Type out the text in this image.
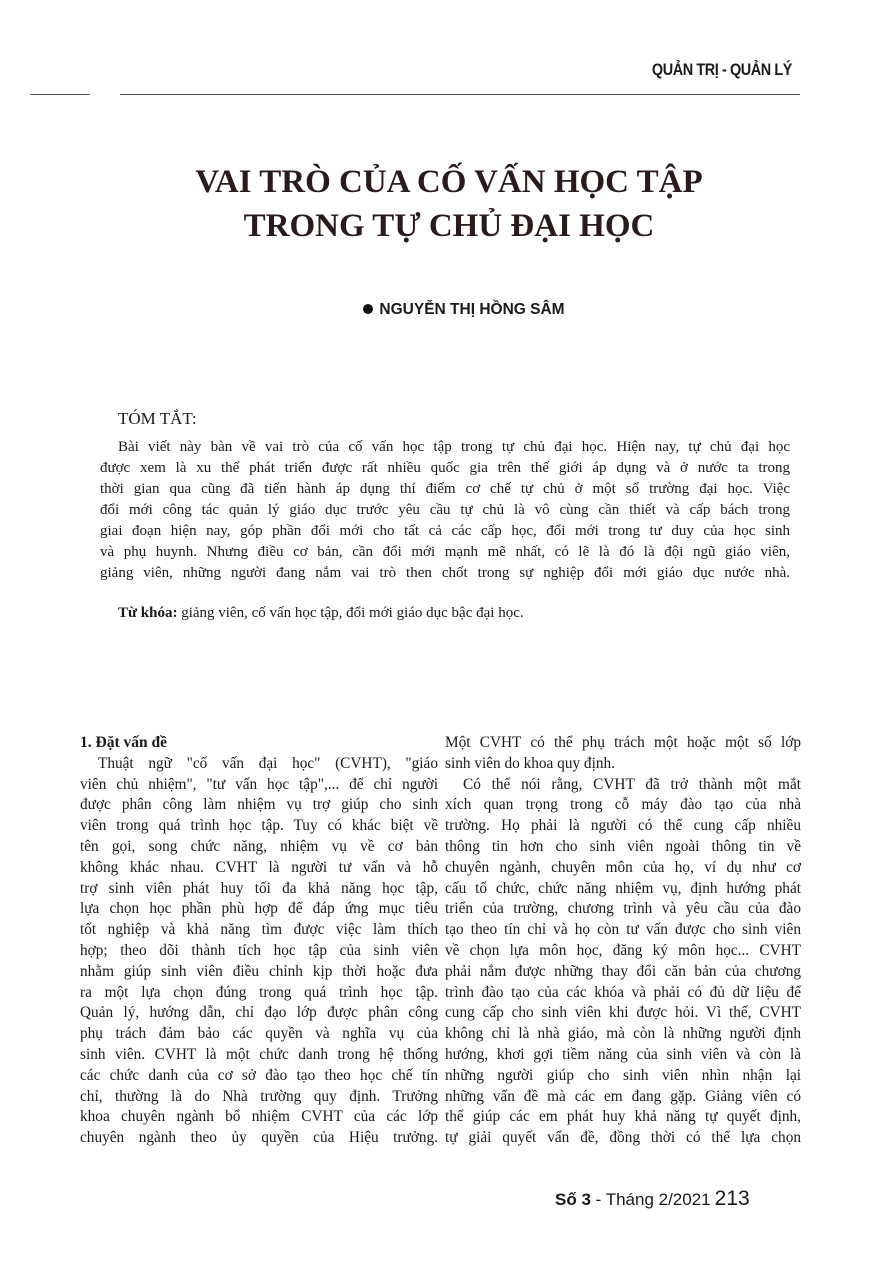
QUẢN TRỊ - QUẢN LÝ
VAI TRÒ CỦA CỐ VẤN HỌC TẬP
TRONG TỰ CHỦ ĐẠI HỌC
NGUYỄN THỊ HỒNG SÂM
TÓM TẮT:
Bài viết này bàn về vai trò của cố vấn học tập trong tự chủ đại học. Hiện nay, tự chủ đại học
được xem là xu thế phát triển được rất nhiều quốc gia trên thế giới áp dụng và ở nước ta trong
thời gian qua cũng đã tiến hành áp dụng thí điểm cơ chế tự chủ ở một số trường đại học. Việc
đổi mới công tác quản lý giáo dục trước yêu cầu tự chủ là vô cùng cần thiết và cấp bách trong
giai đoạn hiện nay, góp phần đổi mới cho tất cả các cấp học, đổi mới trong tư duy của học sinh
và phụ huynh. Nhưng điều cơ bản, cần đổi mới mạnh mẽ nhất, có lẽ là đó là đội ngũ giáo viên,
giảng viên, những người đang nắm vai trò then chốt trong sự nghiệp đổi mới giáo dục nước nhà.
Từ khóa: giảng viên, cố vấn học tập, đổi mới giáo dục bậc đại học.
1. Đặt vấn đề
Thuật ngữ "cố vấn đại học" (CVHT), "giáo
viên chủ nhiệm", "tư vấn học tập",... để chỉ người
được phân công làm nhiệm vụ trợ giúp cho sinh
viên trong quá trình học tập. Tuy có khác biệt về
tên gọi, song chức năng, nhiệm vụ về cơ bản
không khác nhau. CVHT là người tư vấn và hỗ
trợ sinh viên phát huy tối đa khả năng học tập,
lựa chọn học phần phù hợp để đáp ứng mục tiêu
tốt nghiệp và khả năng tìm được việc làm thích
hợp; theo dõi thành tích học tập của sinh viên
nhằm giúp sinh viên điều chỉnh kịp thời hoặc đưa
ra một lựa chọn đúng trong quá trình học tập.
Quản lý, hướng dẫn, chỉ đạo lớp được phân công
phụ trách đảm bảo các quyền và nghĩa vụ của
sinh viên. CVHT là một chức danh trong hệ thống
các chức danh của cơ sở đào tạo theo học chế tín
chỉ, thường là do Nhà trường quy định. Trưởng
khoa chuyên ngành bổ nhiệm CVHT của các lớp
chuyên ngành theo ủy quyền của Hiệu trưởng.
Một CVHT có thể phụ trách một hoặc một số lớp
sinh viên do khoa quy định.
Có thể nói rằng, CVHT đã trở thành một mắt
xích quan trọng trong cỗ máy đào tạo của nhà
trường. Họ phải là người có thể cung cấp nhiều
thông tin hơn cho sinh viên ngoài thông tin về
chuyên ngành, chuyên môn của họ, ví dụ như cơ
cấu tổ chức, chức năng nhiệm vụ, định hướng phát
triển của trường, chương trình và yêu cầu của đào
tạo theo tín chỉ và họ còn tư vấn được cho sinh viên
về chọn lựa môn học, đăng ký môn học... CVHT
phải nắm được những thay đổi căn bản của chương
trình đào tạo của các khóa và phải có đủ dữ liệu để
cung cấp cho sinh viên khi được hỏi. Vì thế, CVHT
không chỉ là nhà giáo, mà còn là những người định
hướng, khơi gợi tiềm năng của sinh viên và còn là
những người giúp cho sinh viên nhìn nhận lại
những vấn đề mà các em đang gặp. Giảng viên có
thể giúp các em phát huy khả năng tự quyết định,
tự giải quyết vấn đề, đồng thời có thể lựa chọn
Số 3 - Tháng 2/2021 213
